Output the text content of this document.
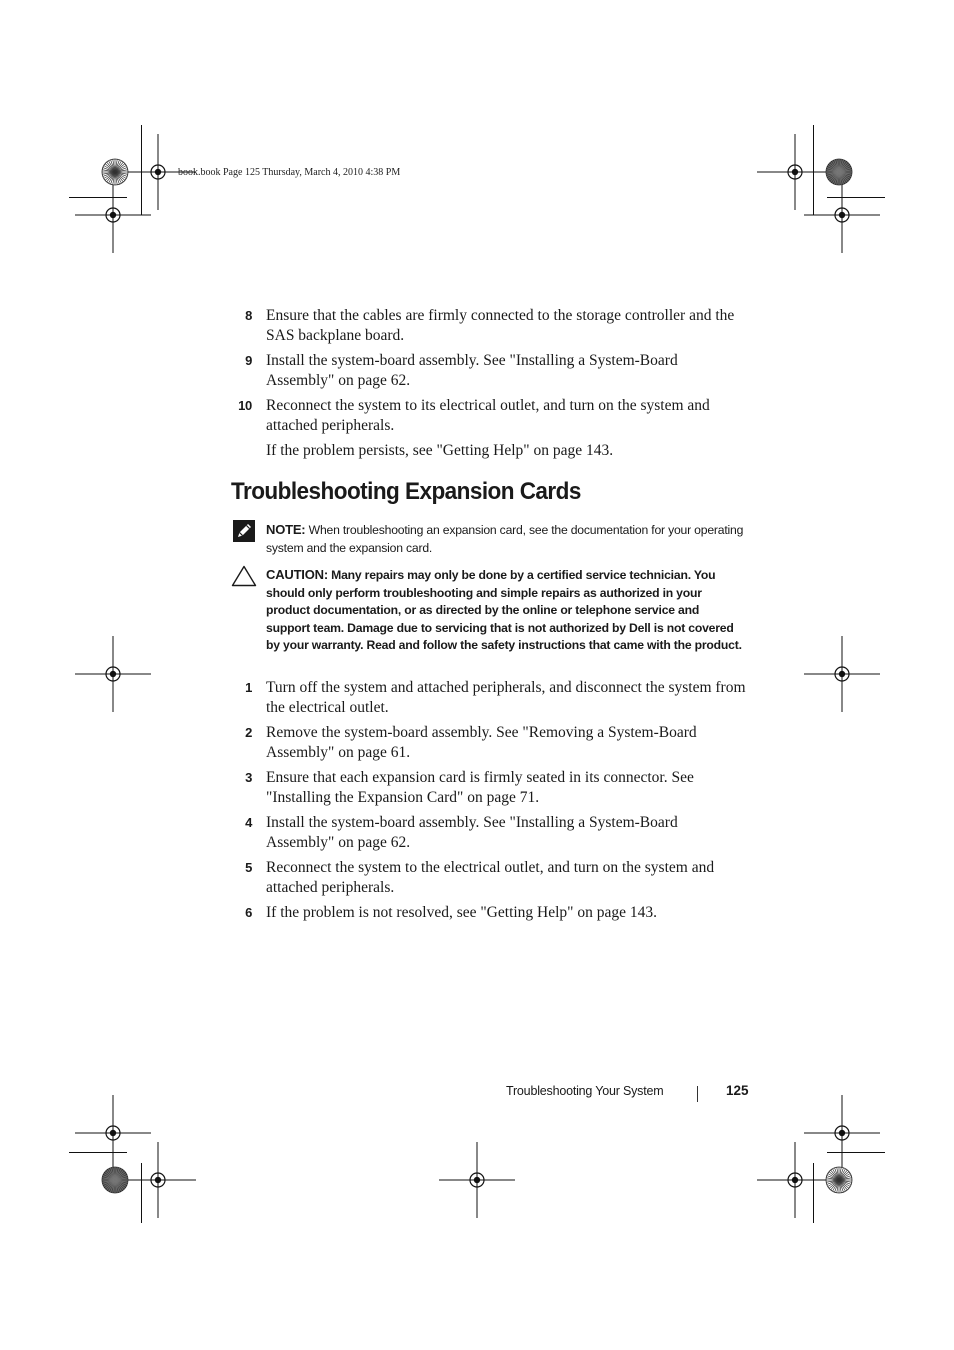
book.book Page 125 Thursday, March 4, 2010 4:38 PM
8 Ensure that the cables are firmly connected to the storage controller and the SAS backplane board.
9 Install the system-board assembly. See "Installing a System-Board Assembly" on page 62.
10 Reconnect the system to its electrical outlet, and turn on the system and attached peripherals.
If the problem persists, see "Getting Help" on page 143.
Troubleshooting Expansion Cards
NOTE: When troubleshooting an expansion card, see the documentation for your operating system and the expansion card.
CAUTION: Many repairs may only be done by a certified service technician. You should only perform troubleshooting and simple repairs as authorized in your product documentation, or as directed by the online or telephone service and support team. Damage due to servicing that is not authorized by Dell is not covered by your warranty. Read and follow the safety instructions that came with the product.
1 Turn off the system and attached peripherals, and disconnect the system from the electrical outlet.
2 Remove the system-board assembly. See "Removing a System-Board Assembly" on page 61.
3 Ensure that each expansion card is firmly seated in its connector. See "Installing the Expansion Card" on page 71.
4 Install the system-board assembly. See "Installing a System-Board Assembly" on page 62.
5 Reconnect the system to the electrical outlet, and turn on the system and attached peripherals.
6 If the problem is not resolved, see "Getting Help" on page 143.
Troubleshooting Your System	125
